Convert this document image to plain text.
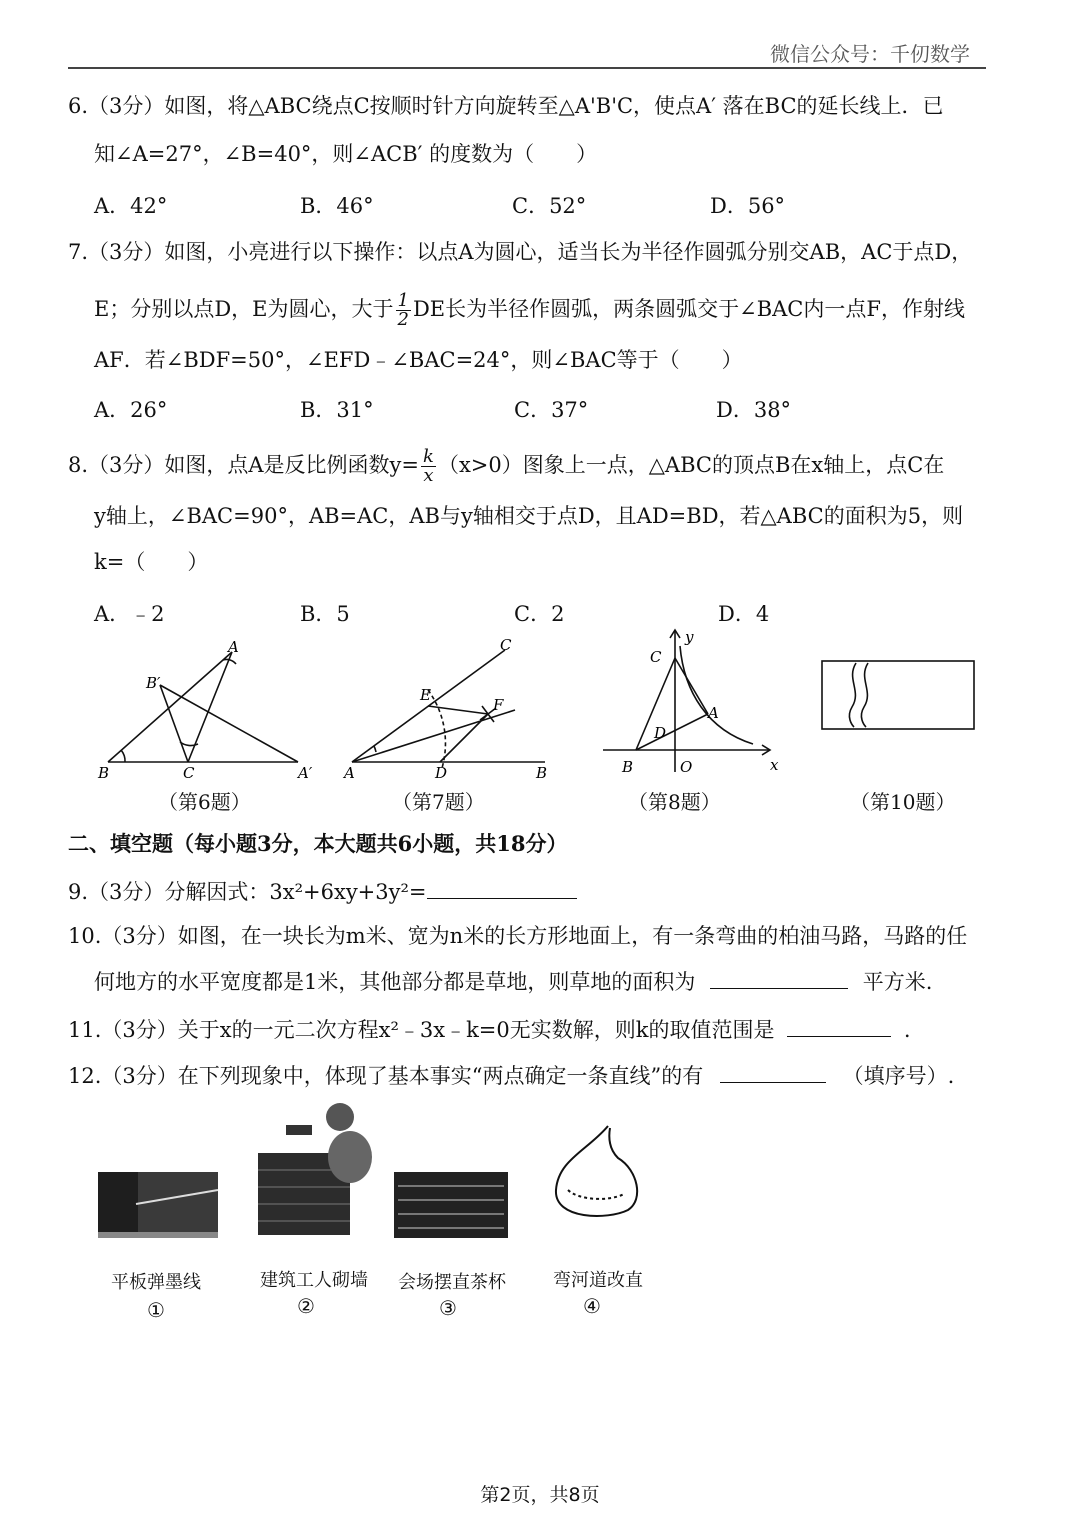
微信公众号：千仞数学
6.（3分）如图，将△ABC绕点C按顺时针方向旋转至△A'B'C，使点A′ 落在BC的延长线上．已
知∠A=27°，∠B=40°，则∠ACB′ 的度数为（　　）
A．42°	B．46°	C．52°	D．56°
7.（3分）如图，小亮进行以下操作：以点A为圆心，适当长为半径作圆弧分别交AB，AC于点D，
E；分别以点D，E为圆心，大于 $\frac{1}{2}$ DE长为半径作圆弧，两条圆弧交于∠BAC内一点F，作射线
AF．若∠BDF=50°，∠EFD﹣∠BAC=24°，则∠BAC等于（　　）
A．26°	B．31°	C．37°	D．38°
8.（3分）如图，点A是反比例函数$y= \frac{k}{x} (x>0)$图象上一点，△ABC的顶点B在x轴上，点C在
y轴上，∠BAC=90°，AB=AC，AB与y轴相交于点D，且AD=BD，若△ABC的面积为5，则
k=（　　）
A．﹣2	B．5	C．2	D．4
A
B	C	A′
B′
C
E
F
A	D	B
y
C
D
A
B	O	x
（第6题）	（第7题）	（第8题）	（第10题）
二、填空题（每小题3分，本大题共6小题，共18分）
9.（3分）分解因式：3x²+6xy+3y²=
10.（3分）如图，在一块长为m米、宽为n米的长方形地面上，有一条弯曲的柏油马路，马路的任
何地方的水平宽度都是1米，其他部分都是草地，则草地的面积为	平方米.
11.（3分）关于x的一元二次方程x²﹣3x﹣k=0无实数解，则k的取值范围是	.
12.（3分）在下列现象中，体现了基本事实“两点确定一条直线”的有	（填序号）.
平板弹墨线	建筑工人砌墙	会场摆直茶杯	弯河道改直
①	②	③	④
第2页，共8页
